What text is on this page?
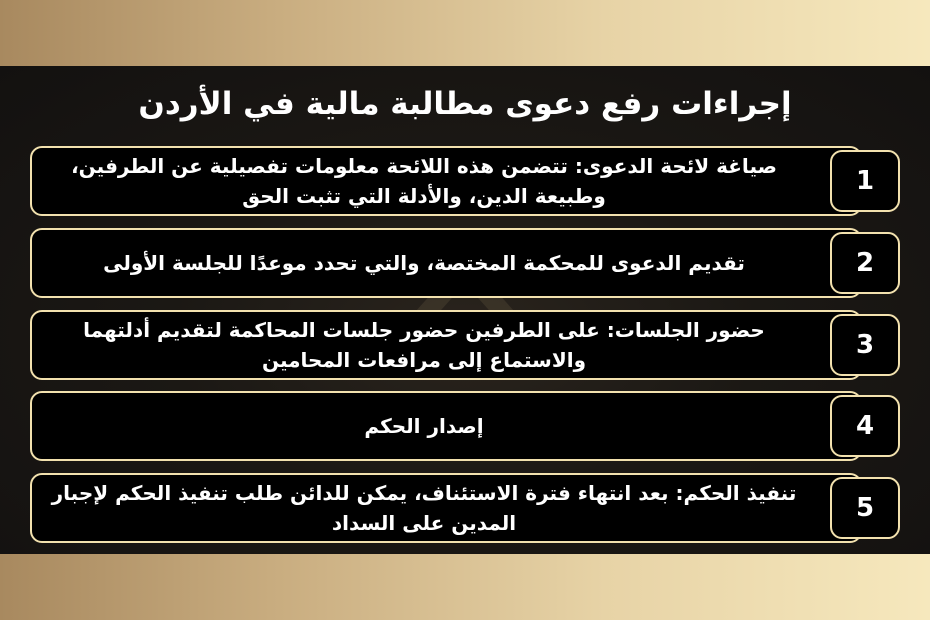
إجراءات رفع دعوى مطالبة مالية في الأردن
صياغة لائحة الدعوى: تتضمن هذه اللائحة معلومات تفصيلية عن الطرفين، وطبيعة الدين، والأدلة التي تثبت الحق	1
تقديم الدعوى للمحكمة المختصة، والتي تحدد موعدًا للجلسة الأولى	2
حضور الجلسات: على الطرفين حضور جلسات المحاكمة لتقديم أدلتهما والاستماع إلى مرافعات المحامين	3
إصدار الحكم	4
تنفيذ الحكم: بعد انتهاء فترة الاستئناف، يمكن للدائن طلب تنفيذ الحكم لإجبار المدين على السداد	5
